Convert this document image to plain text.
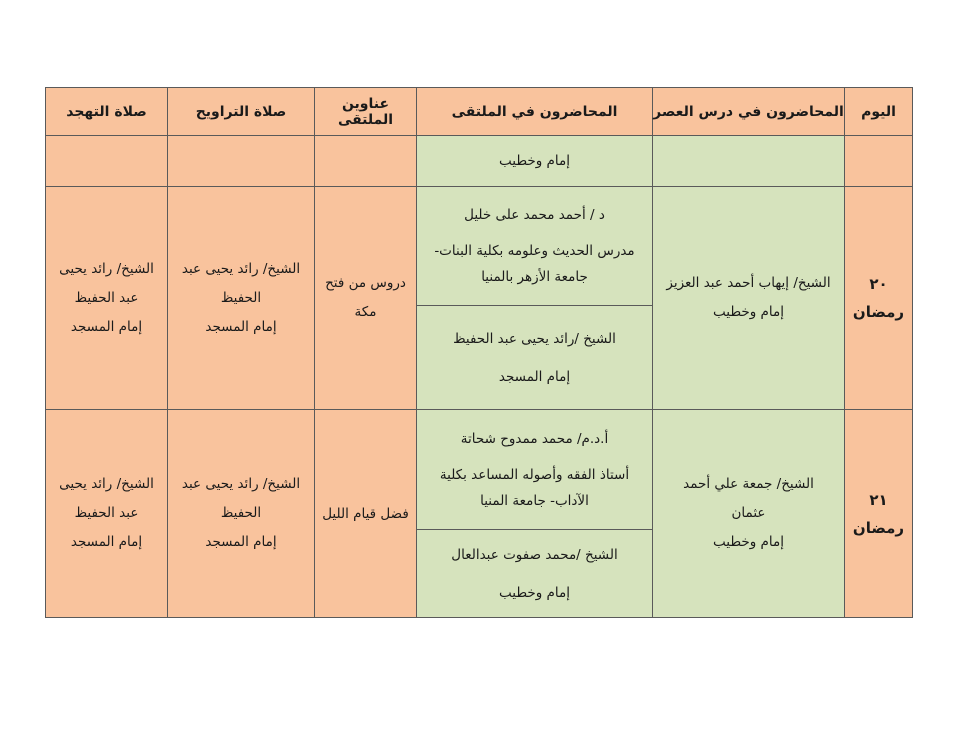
صلاة التهجد	صلاة التراويح	عناوين الملتقى	المحاضرون في الملتقى	المحاضرون في درس العصر	اليوم
			إمام وخطيب		

الشيخ/ رائد يحيى
عبد الحفيظ
إمام المسجد	الشيخ/ رائد يحيى عبد
الحفيظ
إمام المسجد	دروس من فتح
مكة	د / أحمد محمد على خليل
مدرس الحديث وعلومه بكلية البنات-
جامعة الأزهر بالمنيا	الشيخ/ إيهاب أحمد عبد العزيز
إمام وخطيب	٢٠
رمضان

			الشيخ /رائد يحيى عبد الحفيظ
إمام المسجد		

الشيخ/ رائد يحيى
عبد الحفيظ
إمام المسجد	الشيخ/ رائد يحيى عبد
الحفيظ
إمام المسجد	فضل قيام الليل	أ.د.م/ محمد ممدوح شحاتة
أستاذ الفقه وأصوله المساعد بكلية
الآداب- جامعة المنيا	الشيخ/ جمعة علي أحمد
عثمان
إمام وخطيب	٢١
رمضان

			الشيخ /محمد صفوت عبدالعال
إمام وخطيب		
